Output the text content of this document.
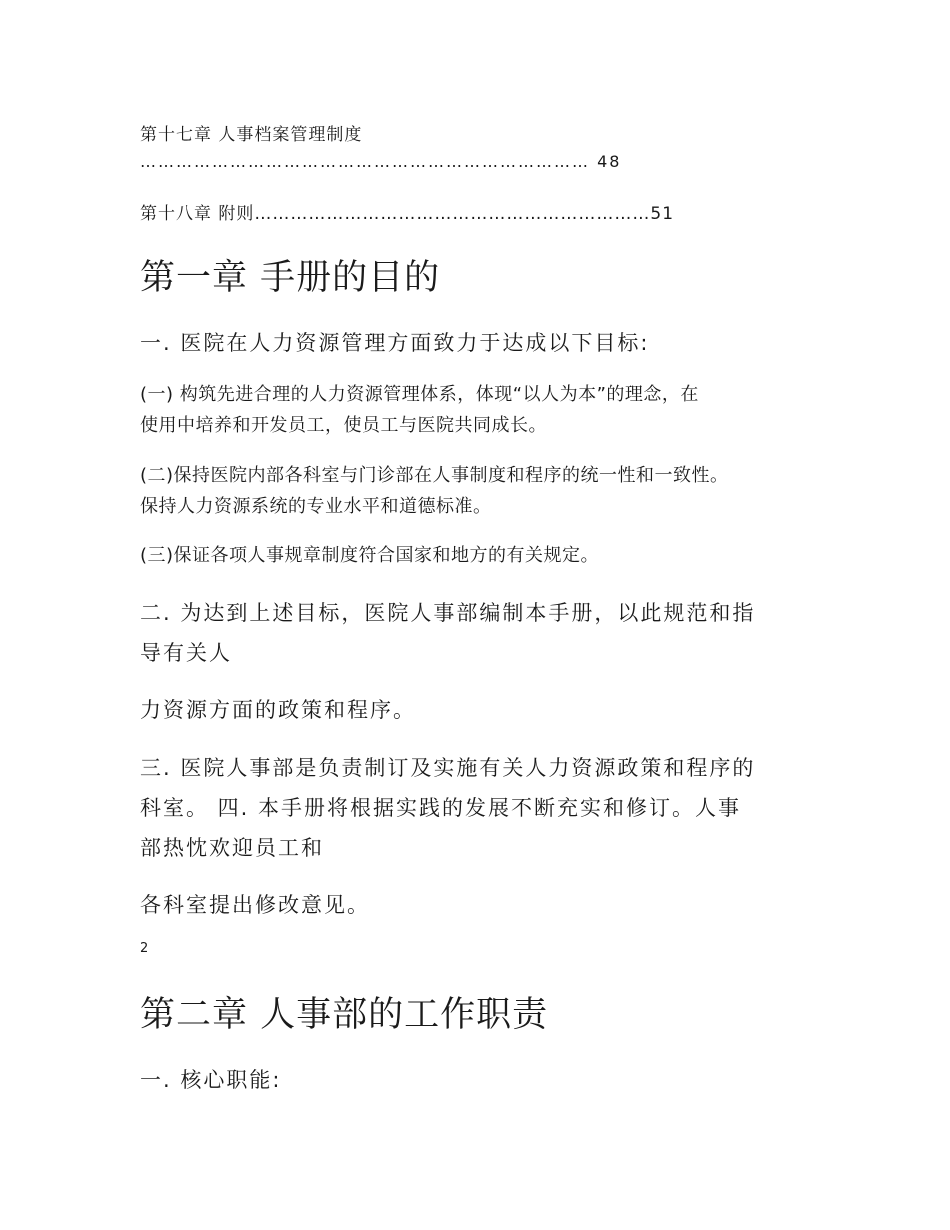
第十七章 人事档案管理制度

………………………………………………………………… 48

第十八章 附则…………………………………………………………51

第一章 手册的目的

一. 医院在人力资源管理方面致力于达成以下目标:

(一) 构筑先进合理的人力资源管理体系，体现“以人为本”的理念，在

使用中培养和开发员工，使员工与医院共同成长。

(二)保持医院内部各科室与门诊部在人事制度和程序的统一性和一致性。

保持人力资源系统的专业水平和道德标准。

(三)保证各项人事规章制度符合国家和地方的有关规定。

二. 为达到上述目标，医院人事部编制本手册，以此规范和指

导有关人

力资源方面的政策和程序。

三. 医院人事部是负责制订及实施有关人力资源政策和程序的

科室。 四. 本手册将根据实践的发展不断充实和修订。人事

部热忱欢迎员工和

各科室提出修改意见。

2

第二章 人事部的工作职责

一. 核心职能:
